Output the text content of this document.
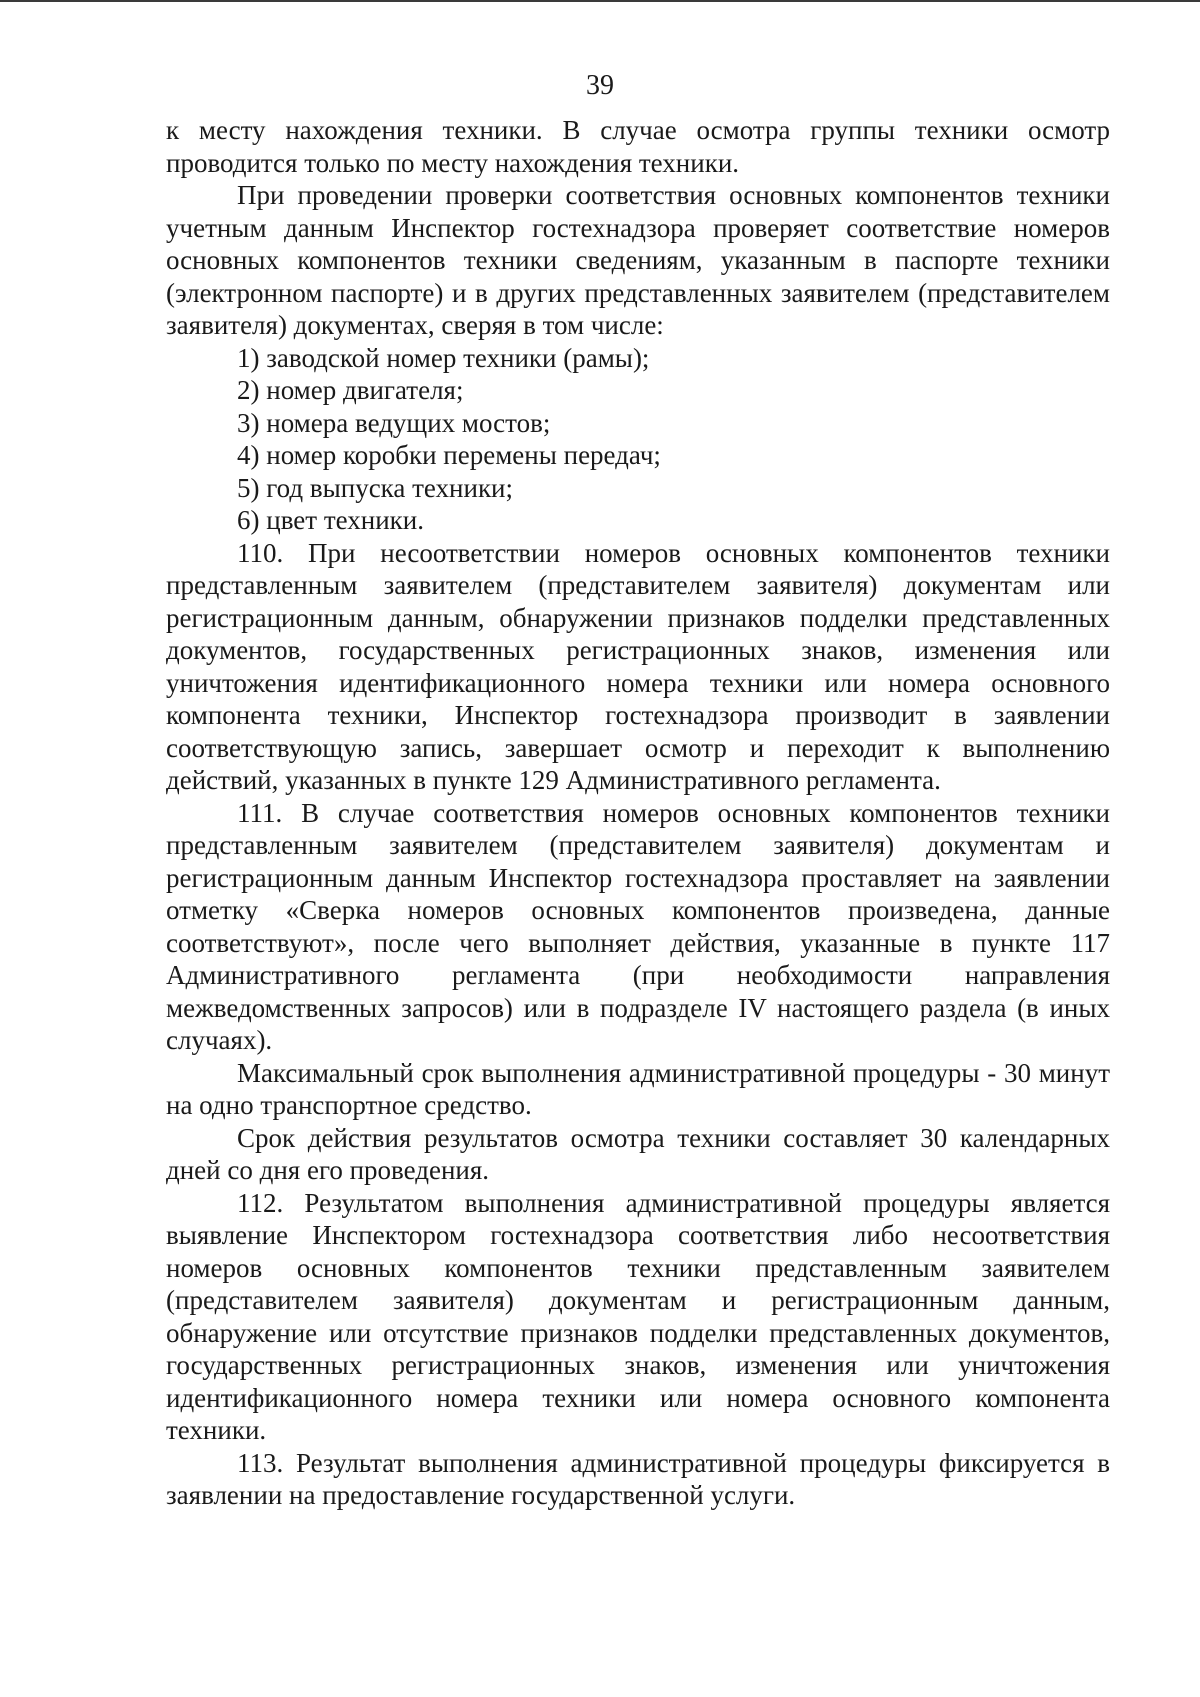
39

к месту нахождения техники. В случае осмотра группы техники осмотр проводится только по месту нахождения техники.

При проведении проверки соответствия основных компонентов техники учетным данным Инспектор гостехнадзора проверяет соответствие номеров основных компонентов техники сведениям, указанным в паспорте техники (электронном паспорте) и в других представленных заявителем (представителем заявителя) документах, сверяя в том числе:

1) заводской номер техники (рамы);

2) номер двигателя;

3) номера ведущих мостов;

4) номер коробки перемены передач;

5) год выпуска техники;

6) цвет техники.

110. При несоответствии номеров основных компонентов техники представленным заявителем (представителем заявителя) документам или регистрационным данным, обнаружении признаков подделки представленных документов, государственных регистрационных знаков, изменения или уничтожения идентификационного номера техники или номера основного компонента техники, Инспектор гостехнадзора производит в заявлении соответствующую запись, завершает осмотр и переходит к выполнению действий, указанных в пункте 129 Административного регламента.

111. В случае соответствия номеров основных компонентов техники представленным заявителем (представителем заявителя) документам и регистрационным данным Инспектор гостехнадзора проставляет на заявлении отметку «Сверка номеров основных компонентов произведена, данные соответствуют», после чего выполняет действия, указанные в пункте 117 Административного регламента (при необходимости направления межведомственных запросов) или в подразделе IV настоящего раздела (в иных случаях).

Максимальный срок выполнения административной процедуры - 30 минут на одно транспортное средство.

Срок действия результатов осмотра техники составляет 30 календарных дней со дня его проведения.

112. Результатом выполнения административной процедуры является выявление Инспектором гостехнадзора соответствия либо несоответствия номеров основных компонентов техники представленным заявителем (представителем заявителя) документам и регистрационным данным, обнаружение или отсутствие признаков подделки представленных документов, государственных регистрационных знаков, изменения или уничтожения идентификационного номера техники или номера основного компонента техники.

113. Результат выполнения административной процедуры фиксируется в заявлении на предоставление государственной услуги.
